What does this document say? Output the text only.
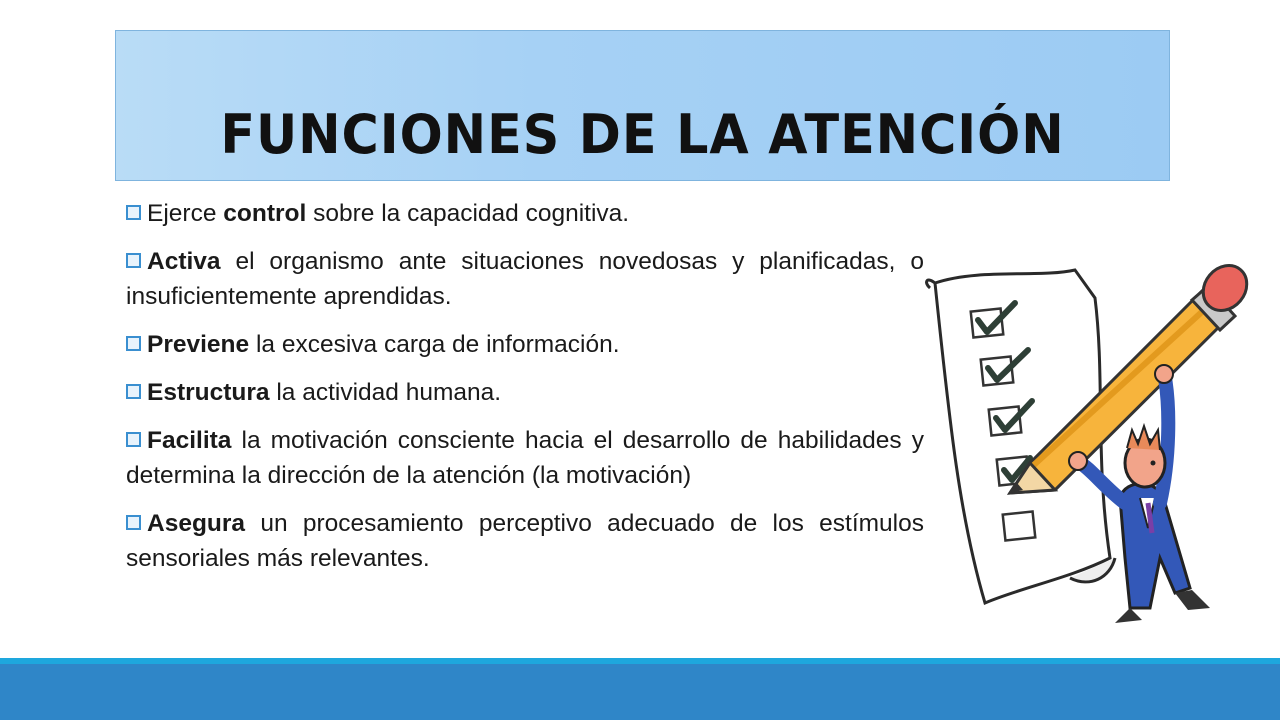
FUNCIONES DE LA ATENCIÓN
Ejerce control sobre la capacidad cognitiva.
Activa el organismo ante situaciones novedosas y planificadas, o insuficientemente aprendidas.
Previene la excesiva carga de información.
Estructura la actividad humana.
Facilita la motivación consciente hacia el desarrollo de habilidades y determina la dirección de la atención (la motivación)
Asegura un procesamiento perceptivo adecuado de los estímulos sensoriales más relevantes.
